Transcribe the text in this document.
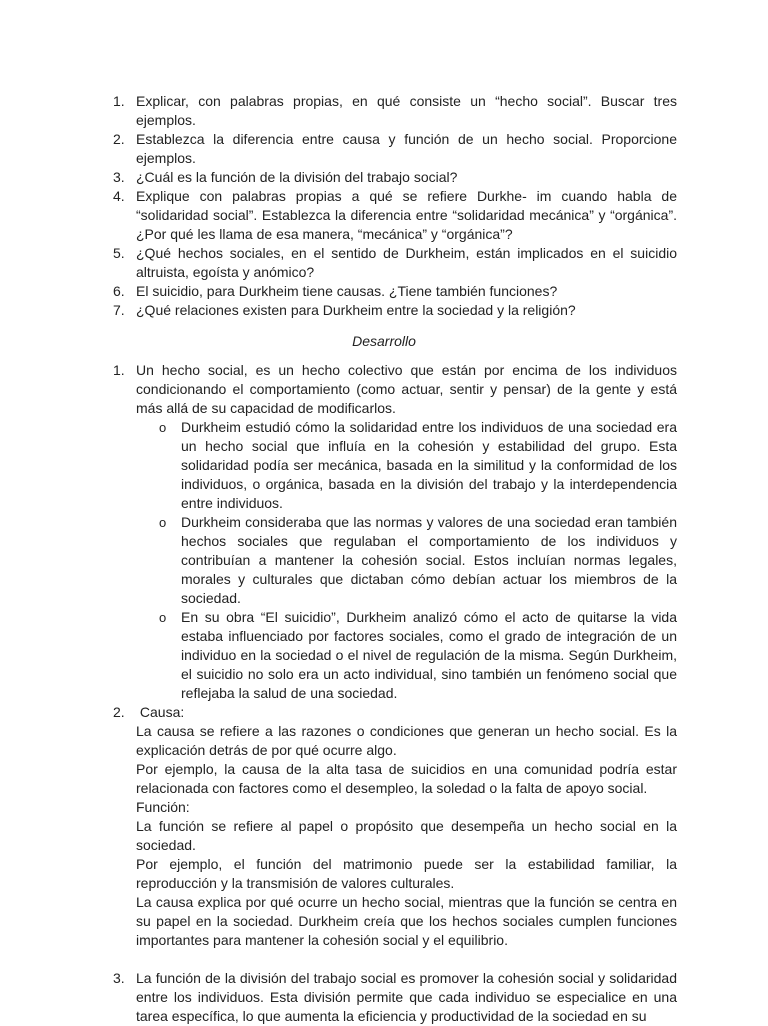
1. Explicar, con palabras propias, en qué consiste un “hecho social”. Buscar tres ejemplos.
2. Establezca la diferencia entre causa y función de un hecho social. Proporcione ejemplos.
3. ¿Cuál es la función de la división del trabajo social?
4. Explique con palabras propias a qué se refiere Durkhe- im cuando habla de “solidaridad social”. Establezca la diferencia entre “solidaridad mecánica” y “orgánica”. ¿Por qué les llama de esa manera, “mecánica” y “orgánica”?
5. ¿Qué hechos sociales, en el sentido de Durkheim, están implicados en el suicidio altruista, egoísta y anómico?
6. El suicidio, para Durkheim tiene causas. ¿Tiene también funciones?
7. ¿Qué relaciones existen para Durkheim entre la sociedad y la religión?
Desarrollo
1. Un hecho social, es un hecho colectivo que están por encima de los individuos condicionando el comportamiento (como actuar, sentir y pensar) de la gente y está más allá de su capacidad de modificarlos.
o Durkheim estudió cómo la solidaridad entre los individuos de una sociedad era un hecho social que influía en la cohesión y estabilidad del grupo. Esta solidaridad podía ser mecánica, basada en la similitud y la conformidad de los individuos, o orgánica, basada en la división del trabajo y la interdependencia entre individuos.
o Durkheim consideraba que las normas y valores de una sociedad eran también hechos sociales que regulaban el comportamiento de los individuos y contribuían a mantener la cohesión social. Estos incluían normas legales, morales y culturales que dictaban cómo debían actuar los miembros de la sociedad.
o En su obra “El suicidio”, Durkheim analizó cómo el acto de quitarse la vida estaba influenciado por factores sociales, como el grado de integración de un individuo en la sociedad o el nivel de regulación de la misma. Según Durkheim, el suicidio no solo era un acto individual, sino también un fenómeno social que reflejaba la salud de una sociedad.
2. Causa:
La causa se refiere a las razones o condiciones que generan un hecho social. Es la explicación detrás de por qué ocurre algo.
Por ejemplo, la causa de la alta tasa de suicidios en una comunidad podría estar relacionada con factores como el desempleo, la soledad o la falta de apoyo social.
Función:
La función se refiere al papel o propósito que desempeña un hecho social en la sociedad.
Por ejemplo, el función del matrimonio puede ser la estabilidad familiar, la reproducción y la transmisión de valores culturales.
La causa explica por qué ocurre un hecho social, mientras que la función se centra en su papel en la sociedad. Durkheim creía que los hechos sociales cumplen funciones importantes para mantener la cohesión social y el equilibrio.
3. La función de la división del trabajo social es promover la cohesión social y solidaridad entre los individuos. Esta división permite que cada individuo se especialice en una tarea específica, lo que aumenta la eficiencia y productividad de la sociedad en su
